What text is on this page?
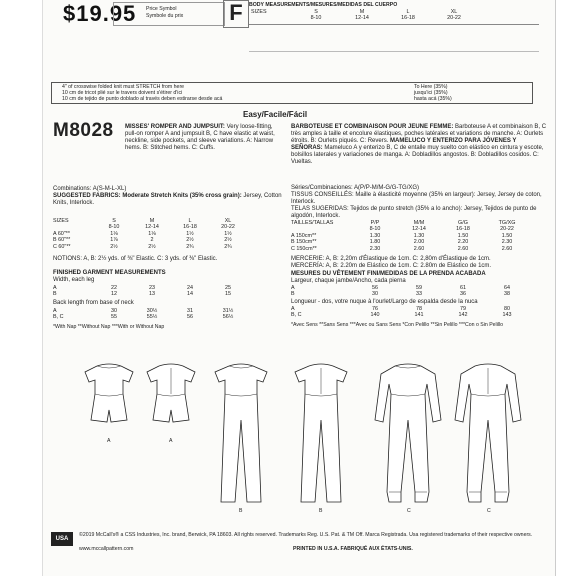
$19.95 Price Symbol
Symbole du prix F	BODY MEASUREMENTS/MESURES/MEDIDAS DEL CUERPO
SIZES	S	M	L	XL
	8-10	12-14	16-18	20-22
4" of crosswise folded knit must STRETCH from here
10 cm de tricot plié sur le travers doivent s'étirer d'ici
10 cm de tejido de punto doblado al través deben estirarse desde acá
To Here (35%)
jusqu'ici (35%)
hasta acá (35%)
Easy/Facile/Fácil
M8028 MISSES' ROMPER AND JUMPSUIT: Very loose-fitting, pull-on romper A and jumpsuit B, C have elastic at waist, neckline, side pockets, and sleeve variations. A: Narrow hems. B: Stitched hems. C: Cuffs.
Combinations: A(S-M-L-XL)
SUGGESTED FABRICS: Moderate Stretch Knits (35% cross grain): Jersey, Cotton Knits, Interlock.
SIZES	S	M	L	XL
	8-10	12-14	16-18	20-22
A 60"**	1⅛	1⅛	1½	1½
B 60"**	1⅞	2	2½	2½
C 60"**	2½	2½	2¾	2¾
NOTIONS: A, B: 2½ yds. of ⅜" Elastic. C: 3 yds. of ⅜" Elastic.
FINISHED GARMENT MEASUREMENTS
Width, each leg
A	22	23	24	25
B	12	13	14	15
Back length from base of neck
A	30	30½	31	31½
B, C	55	55½	56	56½
*With Nap **Without Nap ***With or Without Nap
BARBOTEUSE ET COMBINAISON POUR JEUNE FEMME: Barboteuse A et combinaison B, C très amples à taille et encolure élastiques, poches latérales et variations de manche. A: Ourlets étroits. B: Ourlets piqués. C: Revers. MAMELUCO Y ENTERIZO PARA JÓVENES Y SEÑORAS: Mameluco A y enterizo B, C de entalle muy suelto con elástico en cintura y escote, bolsillos laterales y variaciones de manga. A: Dobladillos angostos. B: Dobladillos cosidos. C: Vueltas.
Séries/Combinaciones: A(P/P-M/M-G/G-TG/XG)
TISSUS CONSEILLÉS: Maille à élasticité moyenne (35% en largeur): Jersey, Jersey de coton, Interlock.
TELAS SUGERIDAS: Tejidos de punto stretch (35% a lo ancho): Jersey, Tejidos de punto de algodón, Interlock.
TAILLES/TALLAS	P/P	M/M	G/G	TG/XG
	8-10	12-14	16-18	20-22
A 150cm**	1.30	1.30	1.50	1.50
B 150cm**	1.80	2.00	2.20	2.30
C 150cm**	2.30	2.60	2.60	2.60
MERCERIE: A, B: 2,20m d'Élastique de 1cm. C: 2,80m d'Élastique de 1cm.
MERCERÍA: A, B: 2.20m de Elástico de 1cm. C: 2.80m de Elástico de 1cm.
MESURES DU VÊTEMENT FINI/MEDIDAS DE LA PRENDA ACABADA
Largeur, chaque jambe/Ancho, cada pierna
A	56	59	61	64
B	30	33	36	38
Longueur - dos, votre nuque à l'ourlet/Largo de espalda desde la nuca
A	76	78	79	80
B, C	140	141	142	143
*Avec Sens **Sans Sens ***Avec ou Sans Sens *Con Pelillo **Sin Pelillo ***Con o Sin Pelillo
A	A
B	B	C	C
USA
©2019 McCall's® a CSS Industries, Inc. brand, Berwick, PA 18603. All rights reserved. Trademarks Reg. U.S. Pat. & TM Off. Marca Registrada. Usa registered trademarks of their respective owners.
www.mccallpattern.com	PRINTED IN U.S.A. FABRIQUÉ AUX ÉTATS-UNIS.
